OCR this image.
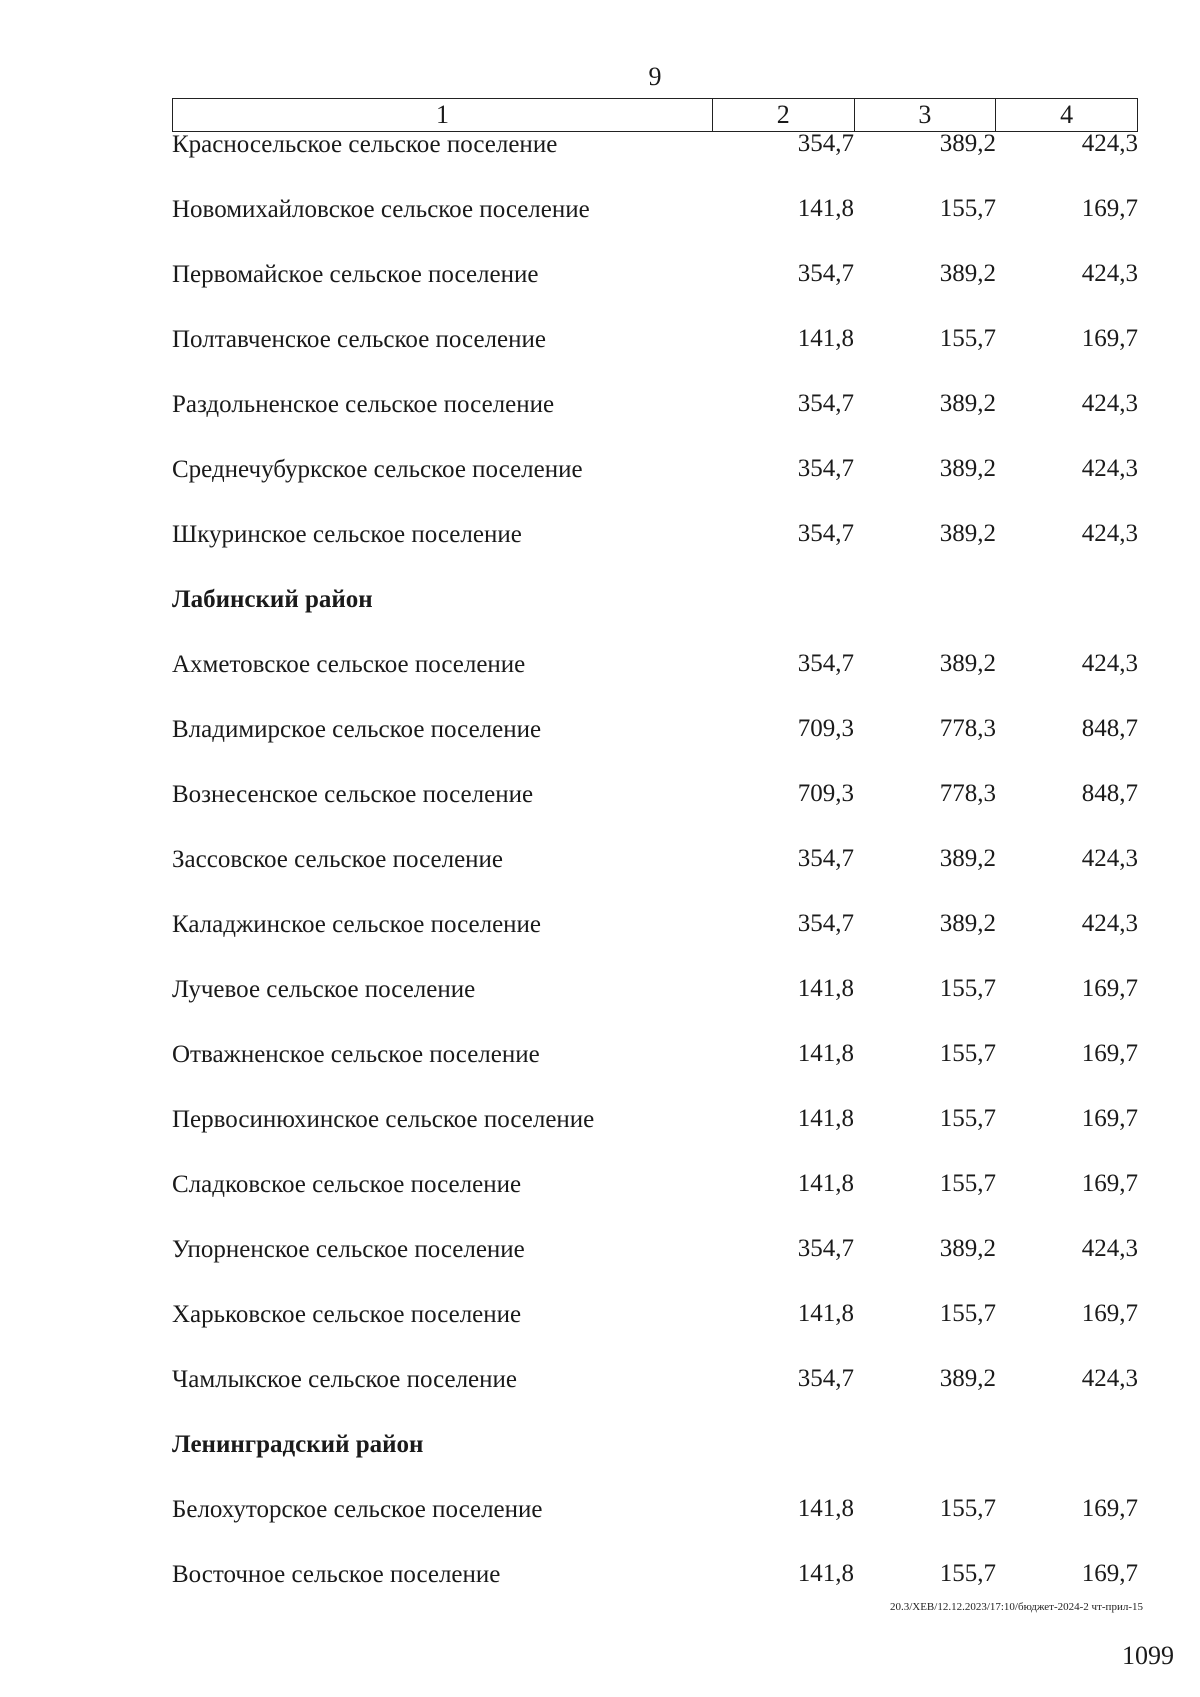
9
1	2	3	4
Красносельское сельское поселение	354,7	389,2	424,3
Новомихайловское сельское поселение	141,8	155,7	169,7
Первомайское сельское поселение	354,7	389,2	424,3
Полтавченское сельское поселение	141,8	155,7	169,7
Раздольненское сельское поселение	354,7	389,2	424,3
Среднечубуркское сельское поселение	354,7	389,2	424,3
Шкуринское сельское поселение	354,7	389,2	424,3
Лабинский район
Ахметовское сельское поселение	354,7	389,2	424,3
Владимирское сельское поселение	709,3	778,3	848,7
Вознесенское сельское поселение	709,3	778,3	848,7
Зассовское сельское поселение	354,7	389,2	424,3
Каладжинское сельское поселение	354,7	389,2	424,3
Лучевое сельское поселение	141,8	155,7	169,7
Отважненское сельское поселение	141,8	155,7	169,7
Первосинюхинское сельское поселение	141,8	155,7	169,7
Сладковское сельское поселение	141,8	155,7	169,7
Упорненское сельское поселение	354,7	389,2	424,3
Харьковское сельское поселение	141,8	155,7	169,7
Чамлыкское сельское поселение	354,7	389,2	424,3
Ленинградский район
Белохуторское сельское поселение	141,8	155,7	169,7
Восточное сельское поселение	141,8	155,7	169,7
20.3/ХЕВ/12.12.2023/17:10/бюджет-2024-2 чт-прил-15
1099
